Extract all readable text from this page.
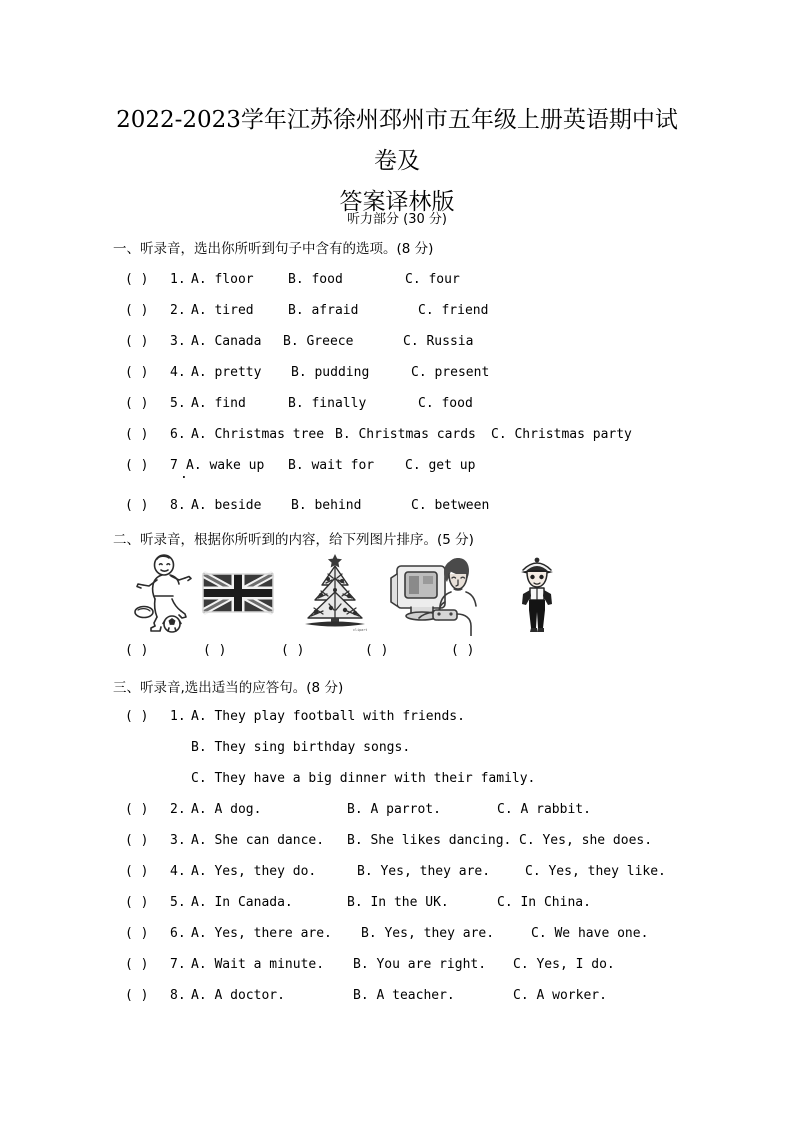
2022-2023学年江苏徐州邳州市五年级上册英语期中试卷及
答案译林版
听力部分 (30 分)
一、听录音，选出你所听到句子中含有的选项。(8 分)
( ) 1. A. floor	B. food	C. four
( ) 2. A. tired	B. afraid	C. friend
( ) 3. A. Canada B. Greece	C. Russia
( ) 4. A. pretty B. pudding	C. present
( ) 5. A. find	B. finally	C. food
( ) 6. A. Christmas tree B. Christmas cards C. Christmas party
( ) 7 A. wake up B. wait for C. get up
.
( ) 8. A. beside B. behind	C. between
二、听录音，根据你所听到的内容，给下列图片排序。(5 分)
clipart
( )	( )	( )	( )	( )
三、听录音,选出适当的应答句。(8 分)
( ) 1. A. They play football with friends.
B. They sing birthday songs.
C. They have a big dinner with their family.
( ) 2. A. A dog.	B. A parrot.	C. A rabbit.
( ) 3. A. She can dance. B. She likes dancing. C. Yes, she does.
( ) 4. A. Yes, they do.	B. Yes, they are.	C. Yes, they like.
( ) 5. A. In Canada.	B. In the UK.	C. In China.
( ) 6. A. Yes, there are. B. Yes, they are.	C. We have one.
( ) 7. A. Wait a minute. B. You are right. C. Yes, I do.
( ) 8. A. A doctor.	B. A teacher.	C. A worker.
